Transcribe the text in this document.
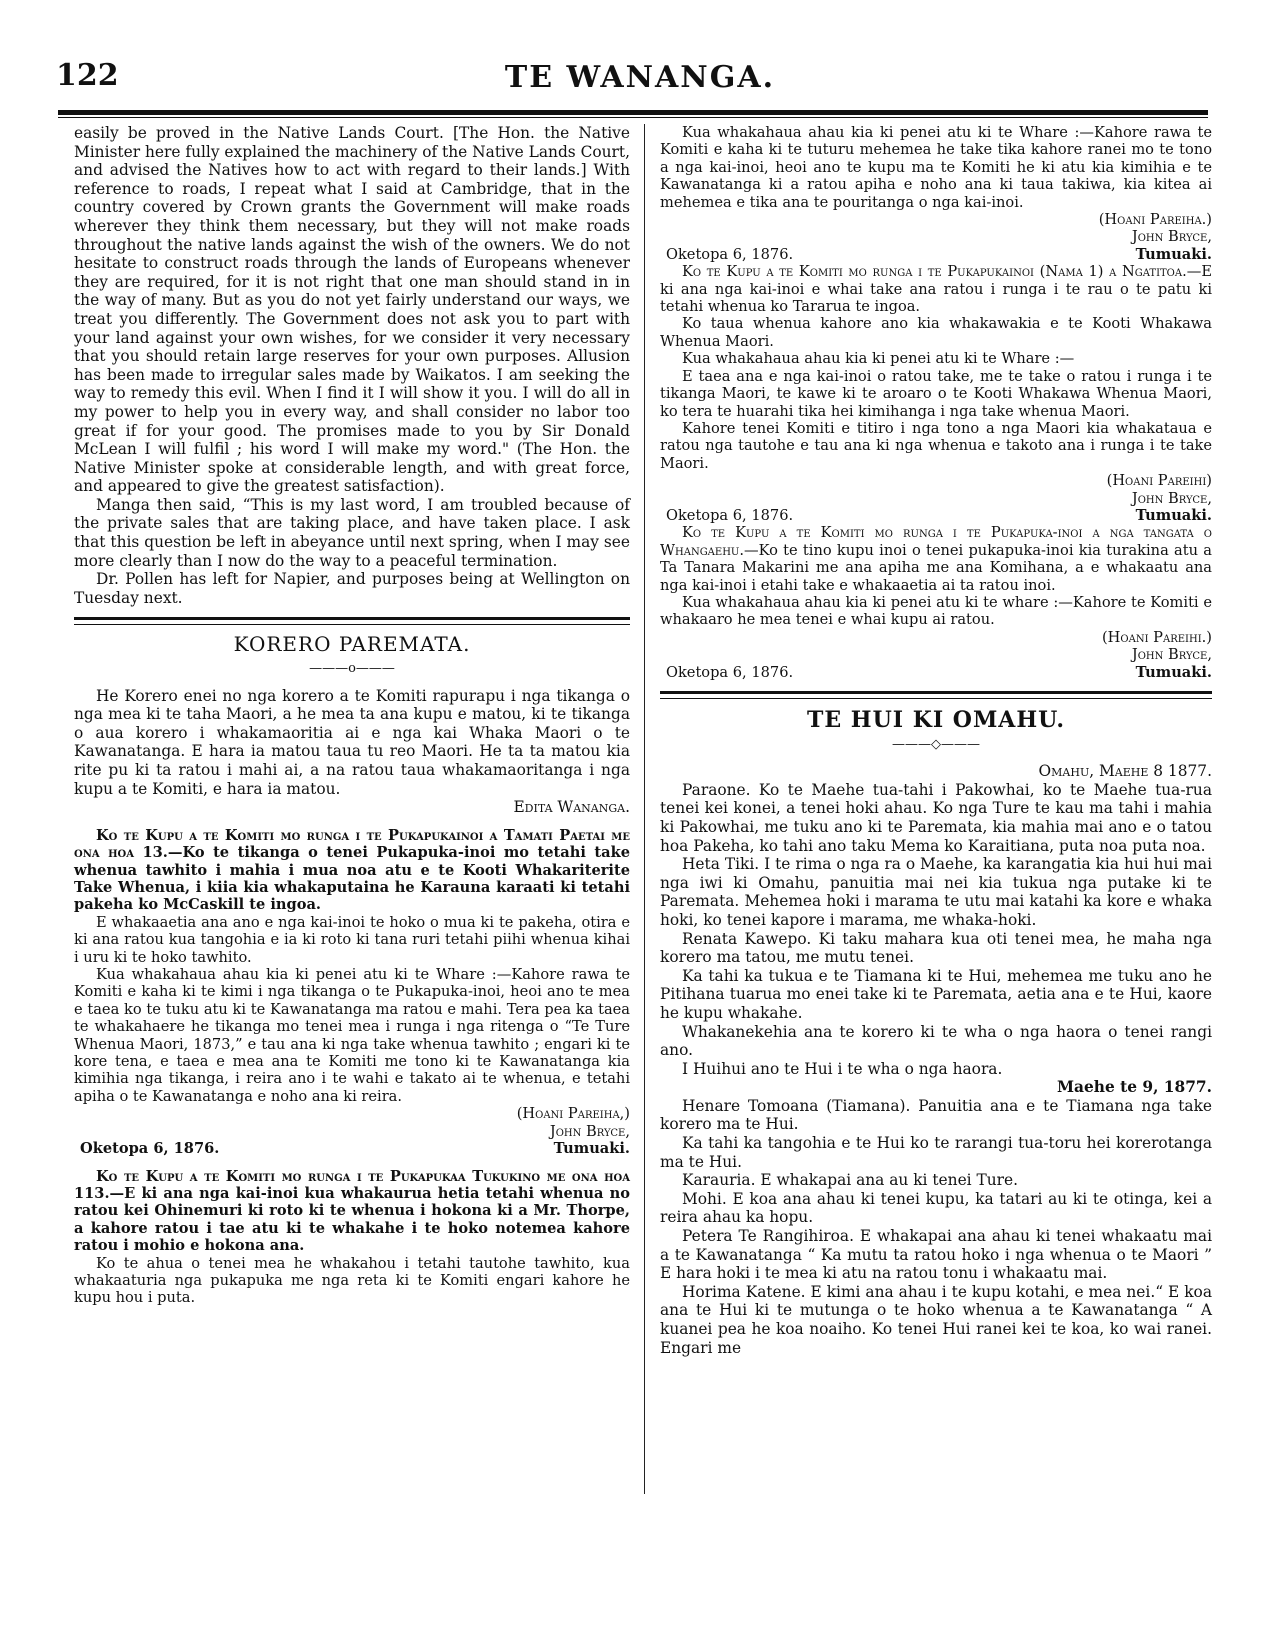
122	TE WANANGA.

easily be proved in the Native Lands Court. [The Hon. the Native Minister here fully explained the machinery of the Native Lands Court, and advised the Natives how to act with regard to their lands.] With reference to roads, I repeat what I said at Cambridge, that in the country covered by Crown grants the Government will make roads wherever they think them necessary, but they will not make roads throughout the native lands against the wish of the owners. We do not hesitate to construct roads through the lands of Europeans whenever they are required, for it is not right that one man should stand in in the way of many. But as you do not yet fairly understand our ways, we treat you differently. The Government does not ask you to part with your land against your own wishes, for we consider it very necessary that you should retain large reserves for your own purposes. Allusion has been made to irregular sales made by Waikatos. I am seeking the way to remedy this evil. When I find it I will show it you. I will do all in my power to help you in every way, and shall consider no labor too great if for your good. The promises made to you by Sir Donald McLean I will fulfil ; his word I will make my word." (The Hon. the Native Minister spoke at considerable length, and with great force, and appeared to give the greatest satisfaction).

Manga then said, “This is my last word, I am troubled because of the private sales that are taking place, and have taken place. I ask that this question be left in abeyance until next spring, when I may see more clearly than I now do the way to a peaceful termination.

Dr. Pollen has left for Napier, and purposes being at Wellington on Tuesday next.

KORERO PAREMATA.
———o———

He Korero enei no nga korero a te Komiti rapurapu i nga tikanga o nga mea ki te taha Maori, a he mea ta ana kupu e matou, ki te tikanga o aua korero i whakamaoritia ai e nga kai Whaka Maori o te Kawanatanga. E hara ia matou taua tu reo Maori. He ta ta matou kia rite pu ki ta ratou i mahi ai, a na ratou taua whakamaoritanga i nga kupu a te Komiti, e hara ia matou.

Edita Wananga.

Ko te Kupu a te Komiti mo runga i te Pukapukainoi a Tamati Paetai me ona hoa 13.—Ko te tikanga o tenei Pukapuka-inoi mo tetahi take whenua tawhito i mahia i mua noa atu e te Kooti Whakariterite Take Whenua, i kiia kia whakaputaina he Karauna karaati ki tetahi pakeha ko McCaskill te ingoa.

E whakaaetia ana ano e nga kai-inoi te hoko o mua ki te pakeha, otira e ki ana ratou kua tangohia e ia ki roto ki tana ruri tetahi piihi whenua kihai i uru ki te hoko tawhito.

Kua whakahaua ahau kia ki penei atu ki te Whare :—Kahore rawa te Komiti e kaha ki te kimi i nga tikanga o te Pukapuka-inoi, heoi ano te mea e taea ko te tuku atu ki te Kawanatanga ma ratou e mahi. Tera pea ka taea te whakahaere he tikanga mo tenei mea i runga i nga ritenga o “Te Ture Whenua Maori, 1873,” e tau ana ki nga take whenua tawhito ; engari ki te kore tena, e taea e mea ana te Komiti me tono ki te Kawanatanga kia kimihia nga tikanga, i reira ano i te wahi e takato ai te whenua, e tetahi apiha o te Kawanatanga e noho ana ki reira.

(Hoani Pareiha,)

John Bryce,

Oketopa 6, 1876.	Tumuaki.

Ko te Kupu a te Komiti mo runga i te Pukapukaa Tukukino me ona hoa 113.—E ki ana nga kai-inoi kua whakaurua hetia tetahi whenua no ratou kei Ohinemuri ki roto ki te whenua i hokona ki a Mr. Thorpe, a kahore ratou i tae atu ki te whakahe i te hoko notemea kahore ratou i mohio e hokona ana.

Ko te ahua o tenei mea he whakahou i tetahi tautohe tawhito, kua whakaaturia nga pukapuka me nga reta ki te Komiti engari kahore he kupu hou i puta.

Kua whakahaua ahau kia ki penei atu ki te Whare :—Kahore rawa te Komiti e kaha ki te tuturu mehemea he take tika kahore ranei mo te tono a nga kai-inoi, heoi ano te kupu ma te Komiti he ki atu kia kimihia e te Kawanatanga ki a ratou apiha e noho ana ki taua takiwa, kia kitea ai mehemea e tika ana te pouritanga o nga kai-inoi.

(Hoani Pareiha.)

John Bryce,

Oketopa 6, 1876.	Tumuaki.

Ko te Kupu a te Komiti mo runga i te Pukapukainoi (Nama 1) a Ngatitoa.—E ki ana nga kai-inoi e whai take ana ratou i runga i te rau o te patu ki tetahi whenua ko Tararua te ingoa.

Ko taua whenua kahore ano kia whakawakia e te Kooti Whakawa Whenua Maori.

Kua whakahaua ahau kia ki penei atu ki te Whare :—

E taea ana e nga kai-inoi o ratou take, me te take o ratou i runga i te tikanga Maori, te kawe ki te aroaro o te Kooti Whakawa Whenua Maori, ko tera te huarahi tika hei kimihanga i nga take whenua Maori.

Kahore tenei Komiti e titiro i nga tono a nga Maori kia whakataua e ratou nga tautohe e tau ana ki nga whenua e takoto ana i runga i te take Maori.

(Hoani Pareihi)

John Bryce,

Oketopa 6, 1876.	Tumuaki.

Ko te Kupu a te Komiti mo runga i te Pukapuka-inoi a nga tangata o Whangaehu.—Ko te tino kupu inoi o tenei pukapuka-inoi kia turakina atu a Ta Tanara Makarini me ana apiha me ana Komihana, a e whakaatu ana nga kai-inoi i etahi take e whakaaetia ai ta ratou inoi.

Kua whakahaua ahau kia ki penei atu ki te whare :—Kahore te Komiti e whakaaro he mea tenei e whai kupu ai ratou.

(Hoani Pareihi.)

John Bryce,

Oketopa 6, 1876.	Tumuaki.
TE HUI KI OMAHU.
———◇———

Omahu, Maehe 8 1877.

Paraone. Ko te Maehe tua-tahi i Pakowhai, ko te Maehe tua-rua tenei kei konei, a tenei hoki ahau. Ko nga Ture te kau ma tahi i mahia ki Pakowhai, me tuku ano ki te Paremata, kia mahia mai ano e o tatou hoa Pakeha, ko tahi ano taku Mema ko Karaitiana, puta noa puta noa.

Heta Tiki. I te rima o nga ra o Maehe, ka karangatia kia hui hui mai nga iwi ki Omahu, panuitia mai nei kia tukua nga putake ki te Paremata. Mehemea hoki i marama te utu mai katahi ka kore e whaka hoki, ko tenei kapore i marama, me whaka-hoki.

Renata Kawepo. Ki taku mahara kua oti tenei mea, he maha nga korero ma tatou, me mutu tenei.

Ka tahi ka tukua e te Tiamana ki te Hui, mehemea me tuku ano he Pitihana tuarua mo enei take ki te Paremata, aetia ana e te Hui, kaore he kupu whakahe.

Whakanekehia ana te korero ki te wha o nga haora o tenei rangi ano.

I Huihui ano te Hui i te wha o nga haora.

Maehe te 9, 1877.

Henare Tomoana (Tiamana). Panuitia ana e te Tiamana nga take korero ma te Hui.

Ka tahi ka tangohia e te Hui ko te rarangi tua-toru hei korerotanga ma te Hui.

Karauria. E whakapai ana au ki tenei Ture.

Mohi. E koa ana ahau ki tenei kupu, ka tatari au ki te otinga, kei a reira ahau ka hopu.

Petera Te Rangihiroa. E whakapai ana ahau ki tenei whakaatu mai a te Kawanatanga “ Ka mutu ta ratou hoko i nga whenua o te Maori ” E hara hoki i te mea ki atu na ratou tonu i whakaatu mai.

Horima Katene. E kimi ana ahau i te kupu kotahi, e mea nei.“ E koa ana te Hui ki te mutunga o te hoko whenua a te Kawanatanga “ A kuanei pea he koa noaiho. Ko tenei Hui ranei kei te koa, ko wai ranei. Engari me
